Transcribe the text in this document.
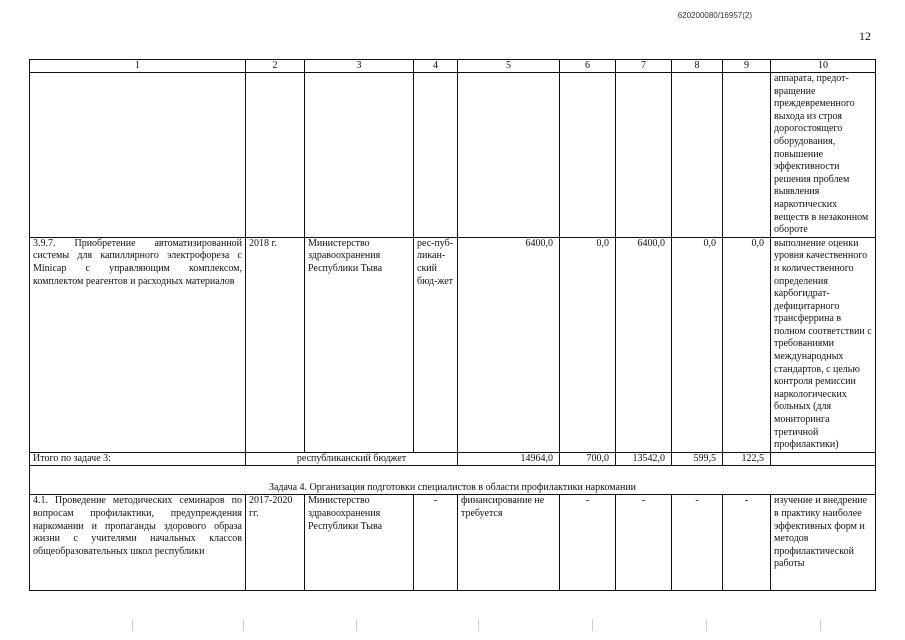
620200080/16957(2)
12
1	2	3	4	5	6	7	8	9	10
									аппарата, предот-вращение преждевременного выхода из строя дорогостоящего оборудования, повышение эффективности решения проблем выявления наркотических веществ в незаконном обороте
3.9.7. Приобретение автоматизированной системы для капиллярного электрофореза с Minicap с управляющим комплексом, комплектом реагентов и расходных материалов	2018 г.	Министерство здравоохранения Республики Тыва	рес-пуб-ликан-ский бюд-жет	6400,0	0,0	6400,0	0,0	0,0	выполнение оценки уровня качественного и количественного определения карбогидрат-дефицитарного трансферрина в полном соответствии с требованиями международных стандартов, с целью контроля ремиссии наркологических больных (для мониторинга третичной профилактики)
Итого по задаче 3:	республиканский бюджет			14964,0	700,0	13542,0	599,5	122,5	
Задача 4. Организация подготовки специалистов в области профилактики наркомании									
4.1. Проведение методических семинаров по вопросам профилактики, предупреждения наркомании и пропаганды здорового образа жизни с учителями начальных классов общеобразовательных школ республики	2017-2020 гг.	Министерство здравоохранения Республики Тыва	-	финансирование не требуется	-	-	-	-	изучение и внедрение в практику наиболее эффективных форм и методов профилактической работы
